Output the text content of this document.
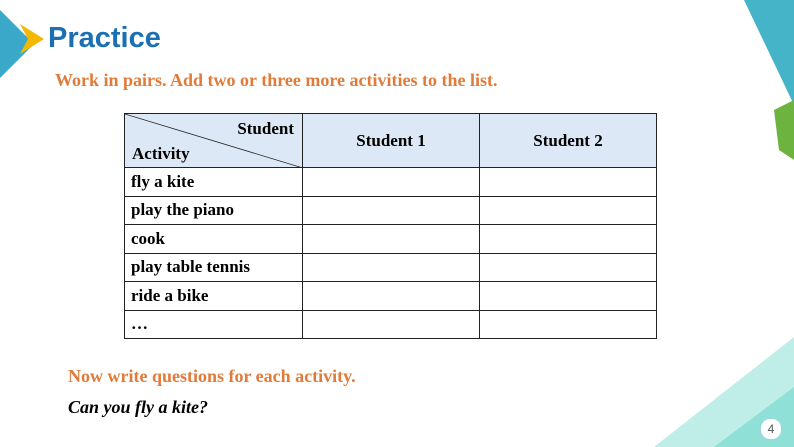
Practice
Work in pairs. Add two or three more activities to the list.
Student
Activity	Student 1	Student 2
fly a kite		
play the piano		
cook		
play table tennis		
ride a bike		
…		
Now write questions for each activity.
Can you fly a kite?
4
